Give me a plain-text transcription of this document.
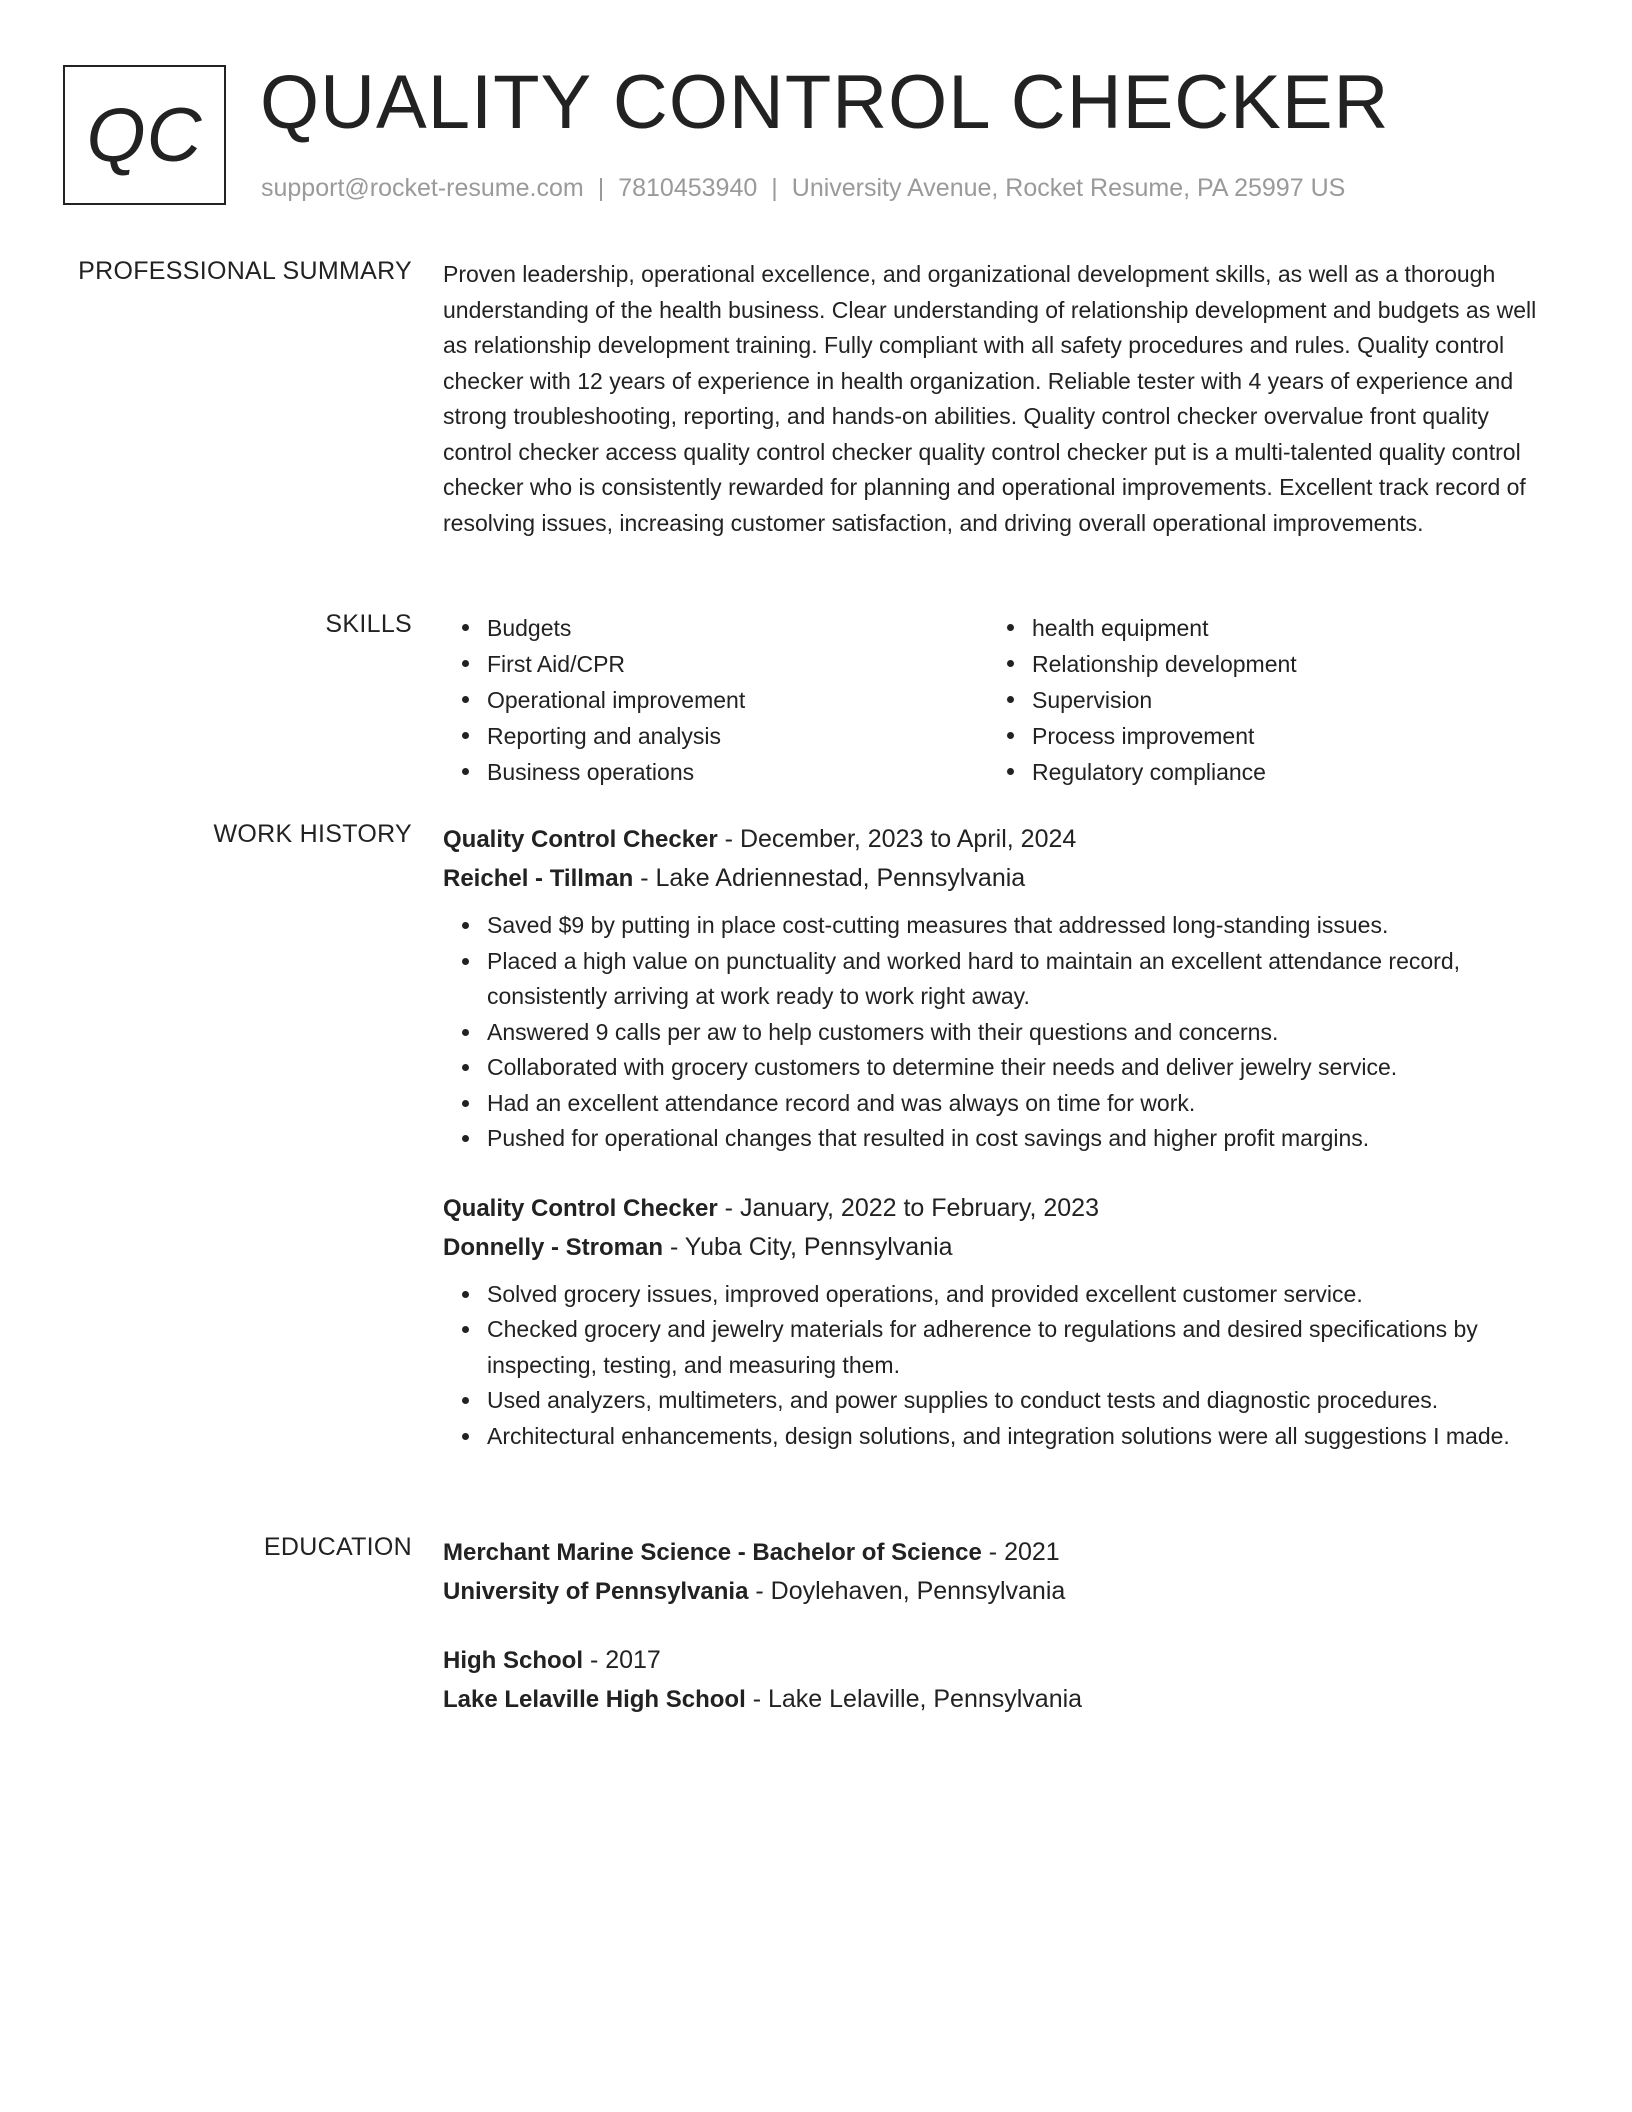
QC QUALITY CONTROL CHECKER
support@rocket-resume.com | 7810453940 | University Avenue, Rocket Resume, PA 25997 US
PROFESSIONAL SUMMARY Proven leadership, operational excellence, and organizational development skills, as well as a thorough understanding of the health business. Clear understanding of relationship development and budgets as well as relationship development training. Fully compliant with all safety procedures and rules. Quality control checker with 12 years of experience in health organization. Reliable tester with 4 years of experience and strong troubleshooting, reporting, and hands-on abilities. Quality control checker overvalue front quality control checker access quality control checker quality control checker put is a multi-talented quality control checker who is consistently rewarded for planning and operational improvements. Excellent track record of resolving issues, increasing customer satisfaction, and driving overall operational improvements.

SKILLS	Budgets
First Aid/CPR
Operational improvement
Reporting and analysis
Business operations
health equipment
Relationship development
Supervision
Process improvement
Regulatory compliance
WORK HISTORY Quality Control Checker - December, 2023 to April, 2024
Reichel - Tillman - Lake Adriennestad, Pennsylvania
Saved $9 by putting in place cost-cutting measures that addressed long-standing issues.
Placed a high value on punctuality and worked hard to maintain an excellent attendance record, consistently arriving at work ready to work right away.
Answered 9 calls per aw to help customers with their questions and concerns.
Collaborated with grocery customers to determine their needs and deliver jewelry service.
Had an excellent attendance record and was always on time for work.
Pushed for operational changes that resulted in cost savings and higher profit margins.
Quality Control Checker - January, 2022 to February, 2023
Donnelly - Stroman - Yuba City, Pennsylvania
Solved grocery issues, improved operations, and provided excellent customer service.
Checked grocery and jewelry materials for adherence to regulations and desired specifications by inspecting, testing, and measuring them.
Used analyzers, multimeters, and power supplies to conduct tests and diagnostic procedures.
Architectural enhancements, design solutions, and integration solutions were all suggestions I made.
EDUCATION Merchant Marine Science - Bachelor of Science - 2021
University of Pennsylvania - Doylehaven, Pennsylvania
High School - 2017
Lake Lelaville High School - Lake Lelaville, Pennsylvania
